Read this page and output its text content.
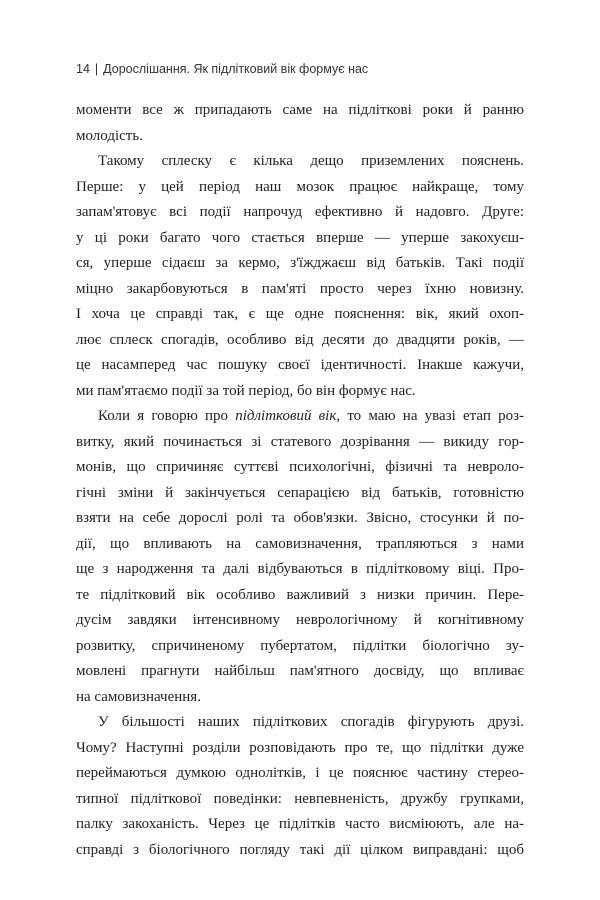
14 | Дорослішання. Як підлітковий вік формує нас
моменти все ж припадають саме на підліткові роки й ранню
молодість.
Такому сплеску є кілька дещо приземлених пояснень.
Перше: у цей період наш мозок працює найкраще, тому
запам'ятовує всі події напрочуд ефективно й надовго. Друге:
у ці роки багато чого стається вперше — уперше закохуєш-
ся, уперше сідаєш за кермо, з'їжджаєш від батьків. Такі події
міцно закарбовуються в пам'яті просто через їхню новизну.
І хоча це справді так, є ще одне пояснення: вік, який охоп-
лює сплеск спогадів, особливо від десяти до двадцяти років, —
це насамперед час пошуку своєї ідентичності. Інакше кажучи,
ми пам'ятаємо події за той період, бо він формує нас.
Коли я говорю про підлітковий вік, то маю на увазі етап роз-
витку, який починається зі статевого дозрівання — викиду гор-
монів, що спричиняє суттєві психологічні, фізичні та невроло-
гічні зміни й закінчується сепарацією від батьків, готовністю
взяти на себе дорослі ролі та обов'язки. Звісно, стосунки й по-
дії, що впливають на самовизначення, трапляються з нами
ще з народження та далі відбуваються в підлітковому віці. Про-
те підлітковий вік особливо важливий з низки причин. Пере-
дусім завдяки інтенсивному неврологічному й когнітивному
розвитку, спричиненому пубертатом, підлітки біологічно зу-
мовлені прагнути найбільш пам'ятного досвіду, що впливає
на самовизначення.
У більшості наших підліткових спогадів фігурують друзі.
Чому? Наступні розділи розповідають про те, що підлітки дуже
переймаються думкою однолітків, і це пояснює частину стерео-
типної підліткової поведінки: невпевненість, дружбу групками,
палку закоханість. Через це підлітків часто висміюють, але на-
справді з біологічного погляду такі дії цілком виправдані: щоб
